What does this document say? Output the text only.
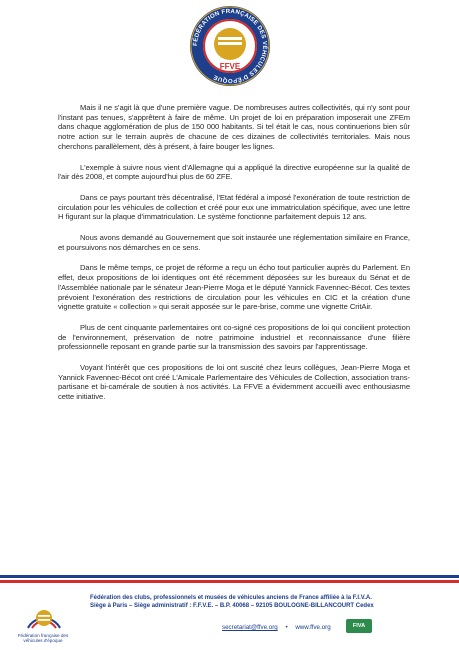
FÉDÉRATION FRANÇAISE DES VÉHICULES D'ÉPOQUE
FFVE

Mais il ne s'agit là que d'une première vague. De nombreuses autres collectivités, qui n'y sont pour l'instant pas tenues, s'apprêtent à faire de même. Un projet de loi en préparation imposerait une ZFEm dans chaque agglomération de plus de 150 000 habitants. Si tel était le cas, nous continuerions bien sûr notre action sur le terrain auprès de chacune de ces dizaines de collectivités territoriales. Mais nous cherchons parallèlement, dès à présent, à faire bouger les lignes.

L'exemple à suivre nous vient d'Allemagne qui a appliqué la directive européenne sur la qualité de l'air dès 2008, et compte aujourd'hui plus de 60 ZFE.

Dans ce pays pourtant très décentralisé, l'Etat fédéral a imposé l'exonération de toute restriction de circulation pour les véhicules de collection et créé pour eux une immatriculation spécifique, avec une lettre H figurant sur la plaque d'immatriculation. Le système fonctionne parfaitement depuis 12 ans.

Nous avons demandé au Gouvernement que soit instaurée une réglementation similaire en France, et poursuivons nos démarches en ce sens.

Dans le même temps, ce projet de réforme a reçu un écho tout particulier auprès du Parlement. En effet, deux propositions de loi identiques ont été récemment déposées sur les bureaux du Sénat et de l'Assemblée nationale par le sénateur Jean-Pierre Moga et le député Yannick Favennec-Bécot. Ces textes prévoient l'exonération des restrictions de circulation pour les véhicules en CIC et la création d'une vignette gratuite « collection » qui serait apposée sur le pare-brise, comme une vignette CritAir.

Plus de cent cinquante parlementaires ont co-signé ces propositions de loi qui concilient protection de l'environnement, préservation de notre patrimoine industriel et reconnaissance d'une filière professionnelle reposant en grande partie sur la transmission des savoirs par l'apprentissage.

Voyant l'intérêt que ces propositions de loi ont suscité chez leurs collègues, Jean-Pierre Moga et Yannick Favennec-Bécot ont créé L'Amicale Parlementaire des Véhicules de Collection, association trans-partisane et bi-camérale de soutien à nos activités. La FFVE a évidemment accueilli avec enthousiasme cette initiative.

Fédération française des véhicules d'époque
Fédération des clubs, professionnels et musées de véhicules anciens de France affiliée à la F.I.V.A.
Siège à Paris – Siège administratif : F.F.V.E. – B.P. 40068 – 92105 BOULOGNE-BILLANCOURT Cedex
secretariat@ffve.org • www.ffve.org	FIVA
